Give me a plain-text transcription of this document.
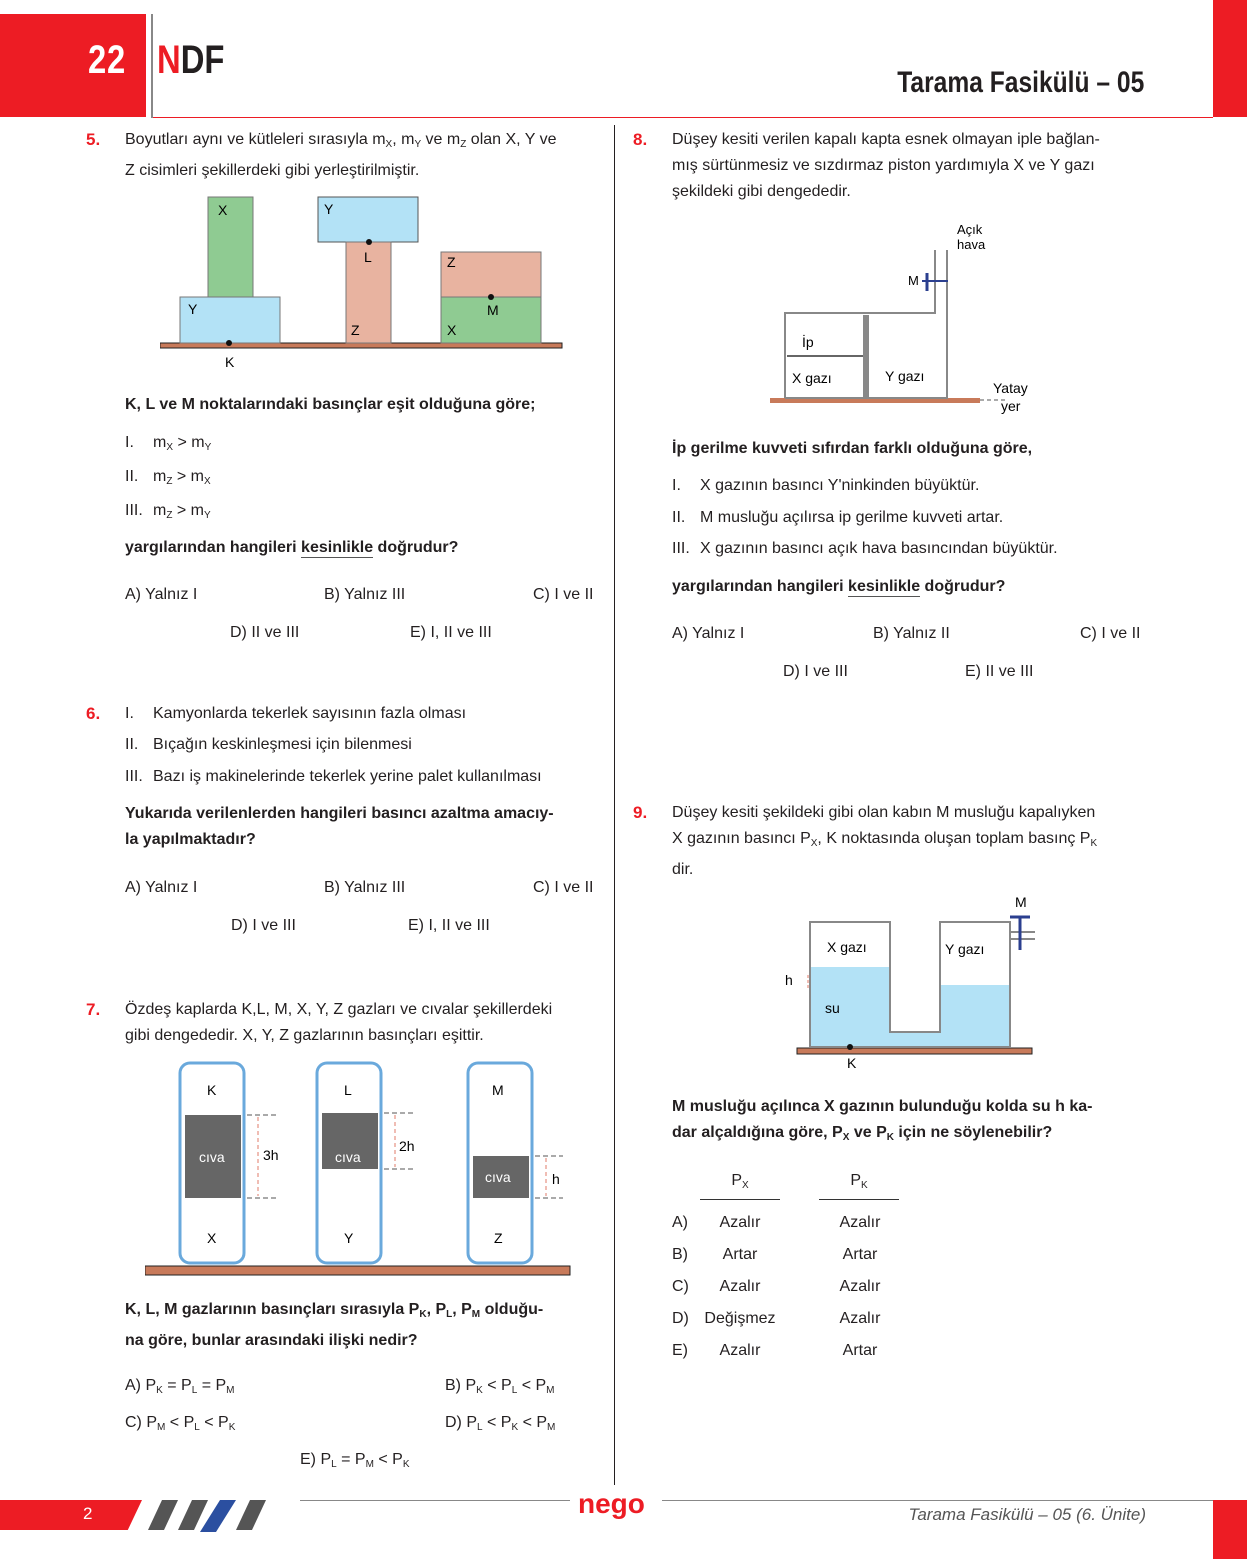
22 NDF
Tarama Fasikülü – 05
5. Boyutları aynı ve kütleleri sırasıyla $m_X$, $m_Y$ ve $m_Z$ olan X, Y ve
Z cisimleri şekillerdeki gibi yerleştirilmiştir.
X
Y
K
Y
L
Z
Z
M
X
K, L ve M noktalarındaki basınçlar eşit olduğuna göre;
I. $m_X > m_Y$
II. $m_Z > m_X$
III. $m_Z > m_Y$
yargılarından hangileri kesinlikle doğrudur?
A) Yalnız I	B) Yalnız III	C) I ve II
D) II ve III	E) I, II ve III
6. I. Kamyonlarda tekerlek sayısının fazla olması
II. Bıçağın keskinleşmesi için bilenmesi
III. Bazı iş makinelerinde tekerlek yerine palet kullanılması
Yukarıda verilenlerden hangileri basıncı azaltma amacıy-
la yapılmaktadır?
A) Yalnız I	B) Yalnız III	C) I ve II
D) I ve III	E) I, II ve III
7. Özdeş kaplarda K,L, M, X, Y, Z gazları ve cıvalar şekillerdeki
gibi dengededir. X, Y, Z gazlarının basınçları eşittir.
K
cıva	3h
X
L
cıva
2h
Y
M
cıva	h
Z
K, L, M gazlarının basınçları sırasıyla $P_K$, $P_L$, $P_M$ olduğu-
na göre, bunlar arasındaki ilişki nedir?
A) $P_K = P_L = P_M$	B) $P_K < P_L < P_M$
C) $P_M < P_L < P_K$	D) $P_L < P_K < P_M$
E) $P_L = P_M < P_K$
8. Düşey kesiti verilen kapalı kapta esnek olmayan iple bağlan-
mış sürtünmesiz ve sızdırmaz piston yardımıyla X ve Y gazı
şekildeki gibi dengededir.
Açık
hava
M
İp
X gazı	Y gazı
Yatay
yer
İp gerilme kuvveti sıfırdan farklı olduğuna göre,
I. X gazının basıncı Y'ninkinden büyüktür.
II. M musluğu açılırsa ip gerilme kuvveti artar.
III. X gazının basıncı açık hava basıncından büyüktür.
yargılarından hangileri kesinlikle doğrudur?
A) Yalnız I	B) Yalnız II	C) I ve II
D) I ve III	E) II ve III
9. Düşey kesiti şekildeki gibi olan kabın M musluğu kapalıyken
X gazının basıncı $P_X$, K noktasında oluşan toplam basınç $P_K$
dir.
M
X gazı	Y gazı
h
su
K
M musluğu açılınca X gazının bulunduğu kolda su h ka-
dar alçaldığına göre, $P_X$ ve $P_K$ için ne söylenebilir?
$P_X$	$P_K$
A)	Azalır	Azalır
B)	Artar	Artar
C)	Azalır	Azalır
D) Değişmez	Azalır
E)	Azalır	Artar
2	nego	Tarama Fasikülü – 05 (6. Ünite)
